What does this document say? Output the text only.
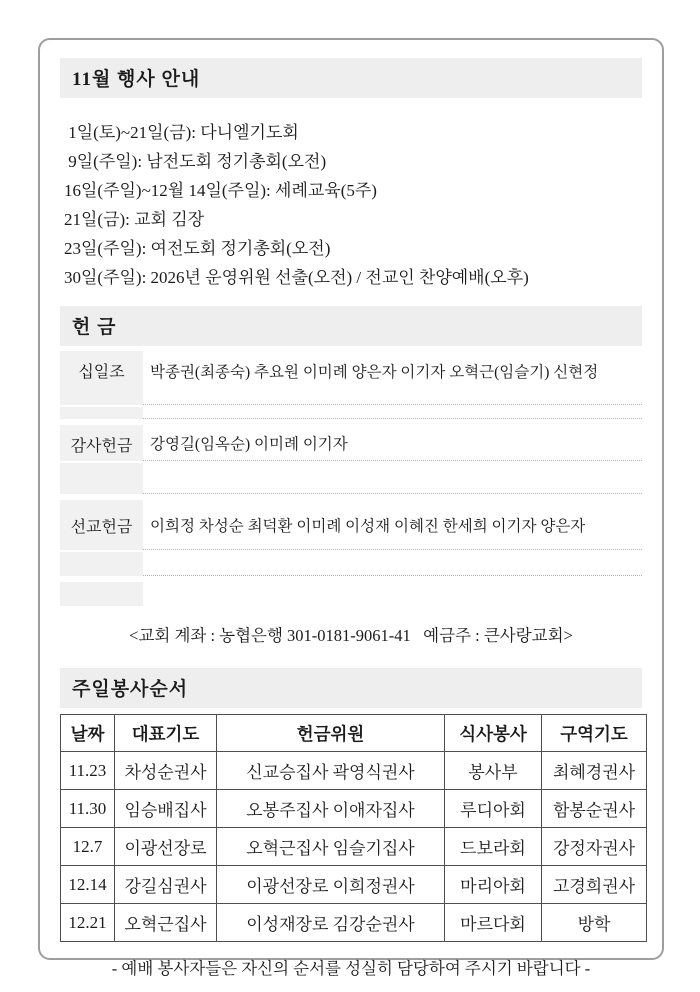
11월 행사 안내
1일(토)~21일(금): 다니엘기도회
9일(주일): 남전도회 정기총회(오전)
16일(주일)~12월 14일(주일): 세례교육(5주)
21일(금): 교회 김장
23일(주일): 여전도회 정기총회(오전)
30일(주일): 2026년 운영위원 선출(오전) / 전교인 찬양예배(오후)
헌 금
십일조	박종권(최종숙) 추요원 이미례 양은자 이기자 오혁근(임슬기) 신현정
감사헌금	강영길(임옥순) 이미례 이기자
선교헌금	이희정 차성순 최덕환 이미례 이성재 이혜진 한세희 이기자 양은자
<교회 계좌 : 농협은행 301-0181-9061-41   예금주 : 큰사랑교회>
주일봉사순서
날짜	대표기도	헌금위원	식사봉사	구역기도
11.23	차성순권사	신교승집사 곽영식권사	봉사부	최혜경권사
11.30	임승배집사	오봉주집사 이애자집사	루디아회	함봉순권사
12.7	이광선장로	오혁근집사 임슬기집사	드보라회	강정자권사
12.14	강길심권사	이광선장로 이희정권사	마리아회	고경희권사
12.21	오혁근집사	이성재장로 김강순권사	마르다회	방학
- 예배 봉사자들은 자신의 순서를 성실히 담당하여 주시기 바랍니다 -
